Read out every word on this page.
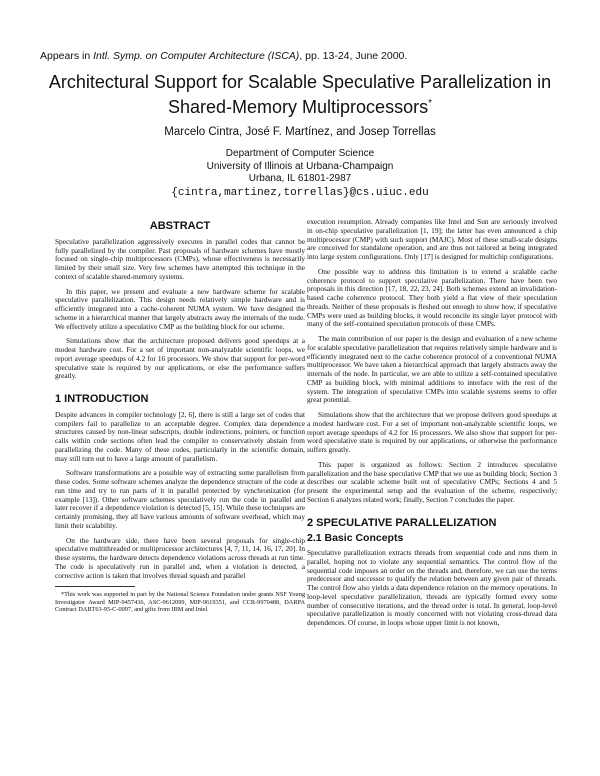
Appears in Intl. Symp. on Computer Architecture (ISCA), pp. 13-24, June 2000.
Architectural Support for Scalable Speculative Parallelization in
Shared-Memory Multiprocessors*
Marcelo Cintra, José F. Martínez, and Josep Torrellas
Department of Computer Science
University of Illinois at Urbana-Champaign
Urbana, IL 61801-2987
{cintra,martinez,torrellas}@cs.uiuc.edu
ABSTRACT

Speculative parallelization aggressively executes in parallel codes that cannot be fully parallelized by the compiler. Past proposals of hardware schemes have mostly focused on single-chip multiprocessors (CMPs), whose effectiveness is necessarily limited by their small size. Very few schemes have attempted this technique in the context of scalable shared-memory systems.

In this paper, we present and evaluate a new hardware scheme for scalable speculative parallelization. This design needs relatively simple hardware and is efficiently integrated into a cache-coherent NUMA system. We have designed the scheme in a hierarchical manner that largely abstracts away the internals of the node. We effectively utilize a speculative CMP as the building block for our scheme.

Simulations show that the architecture proposed delivers good speedups at a modest hardware cost. For a set of important non-analyzable scientific loops, we report average speedups of 4.2 for 16 processors. We show that support for per-word speculative state is required by our applications, or else the performance suffers greatly.

1 INTRODUCTION

Despite advances in compiler technology [2, 6], there is still a large set of codes that compilers fail to parallelize to an acceptable degree. Complex data dependence structures caused by non-linear subscripts, double indirections, pointers, or function calls within code sections often lead the compiler to conservatively abstain from parallelizing the code. Many of these codes, particularly in the scientific domain, may still turn out to have a large amount of parallelism.

Software transformations are a possible way of extracting some parallelism from these codes. Some software schemes analyze the dependence structure of the code at run time and try to run parts of it in parallel protected by synchronization (for example [13]). Other software schemes speculatively run the code in parallel and later recover if a dependence violation is detected [5, 15]. While these techniques are certainly promising, they all have various amounts of software overhead, which may limit their scalability.

On the hardware side, there have been several proposals for single-chip speculative multithreaded or multiprocessor architectures [4, 7, 11, 14, 16, 17, 20]. In these systems, the hardware detects dependence violations across threads at run time. The code is speculatively run in parallel and, when a violation is detected, a corrective action is taken that involves thread squash and parallel

*This work was supported in part by the National Science Foundation under grants NSF Young Investigator Award MIP-9457436, ASC-9612099, MIP-9619351, and CCR-9970488, DARPA Contract DABT63-95-C-0097, and gifts from IBM and Intel.

execution resumption. Already companies like Intel and Sun are seriously involved in on-chip speculative parallelization [1, 19]; the latter has even announced a chip multiprocessor (CMP) with such support (MAJC). Most of these small-scale designs are conceived for standalone operation, and are thus not tailored at being integrated into large system configurations. Only [17] is designed for multichip configurations.

One possible way to address this limitation is to extend a scalable cache coherence protocol to support speculative parallelization. There have been two proposals in this direction [17, 18, 22, 23, 24]. Both schemes extend an invalidation-based cache coherence protocol. They both yield a flat view of their speculation threads. Neither of these proposals is fleshed out enough to show how, if speculative CMPs were used as building blocks, it would reconcile its single layer protocol with many of the self-contained speculation protocols of these CMPs.

The main contribution of our paper is the design and evaluation of a new scheme for scalable speculative parallelization that requires relatively simple hardware and is efficiently integrated next to the cache coherence protocol of a conventional NUMA multiprocessor. We have taken a hierarchical approach that largely abstracts away the internals of the node. In particular, we are able to utilize a self-contained speculative CMP as building block, with minimal additions to interface with the rest of the system. The integration of speculative CMPs into scalable systems seems to offer great potential.

Simulations show that the architecture that we propose delivers good speedups at a modest hardware cost. For a set of important non-analyzable scientific loops, we report average speedups of 4.2 for 16 processors. We also show that support for per-word speculative state is required by our applications, or otherwise the performance suffers greatly.

This paper is organized as follows: Section 2 introduces speculative parallelization and the base speculative CMP that we use as building block; Section 3 describes our scalable scheme built out of speculative CMPs; Sections 4 and 5 present the experimental setup and the evaluation of the scheme, respectively; Section 6 analyzes related work; finally, Section 7 concludes the paper.

2 SPECULATIVE PARALLELIZATION
2.1 Basic Concepts

Speculative parallelization extracts threads from sequential code and runs them in parallel, hoping not to violate any sequential semantics. The control flow of the sequential code imposes an order on the threads and, therefore, we can use the terms predecessor and successor to qualify the relation between any given pair of threads. The control flow also yields a data dependence relation on the memory operations. In loop-level speculative parallelization, threads are typically formed every some number of consecutive iterations, and the thread order is total. In general, loop-level speculative parallelization is mostly concerned with not violating cross-thread data dependences. Of course, in loops whose upper limit is not known,
